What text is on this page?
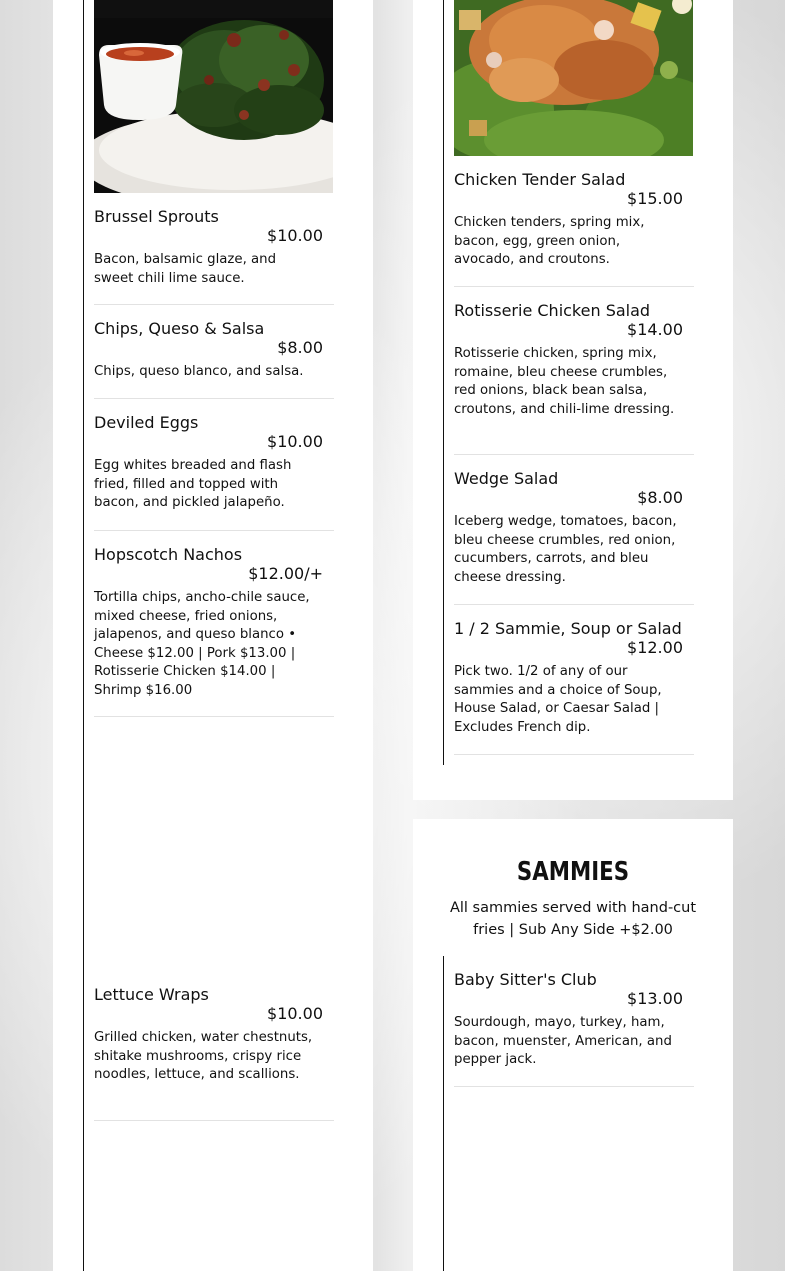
Brussel Sprouts
$10.00
Bacon, balsamic glaze, and sweet chili lime sauce.
Chips, Queso & Salsa
$8.00
Chips, queso blanco, and salsa.
Deviled Eggs
$10.00
Egg whites breaded and flash fried, filled and topped with bacon, and pickled jalapeño.
Hopscotch Nachos
$12.00/+
Tortilla chips, ancho-chile sauce, mixed cheese, fried onions, jalapenos, and queso blanco • Cheese $12.00 | Pork $13.00 | Rotisserie Chicken $14.00 | Shrimp $16.00
Lettuce Wraps
$10.00
Grilled chicken, water chestnuts, shitake mushrooms, crispy rice noodles, lettuce, and scallions.
Chicken Tender Salad
$15.00
Chicken tenders, spring mix, bacon, egg, green onion, avocado, and croutons.
Rotisserie Chicken Salad
$14.00
Rotisserie chicken, spring mix, romaine, bleu cheese crumbles, red onions, black bean salsa, croutons, and chili-lime dressing.
Wedge Salad
$8.00
Iceberg wedge, tomatoes, bacon, bleu cheese crumbles, red onion, cucumbers, carrots, and bleu cheese dressing.
1 / 2 Sammie, Soup or Salad
$12.00
Pick two. 1/2 of any of our sammies and a choice of Soup, House Salad, or Caesar Salad | Excludes French dip.
SAMMIES
All sammies served with hand-cut fries | Sub Any Side +$2.00
Baby Sitter's Club
$13.00
Sourdough, mayo, turkey, ham, bacon, muenster, American, and pepper jack.
